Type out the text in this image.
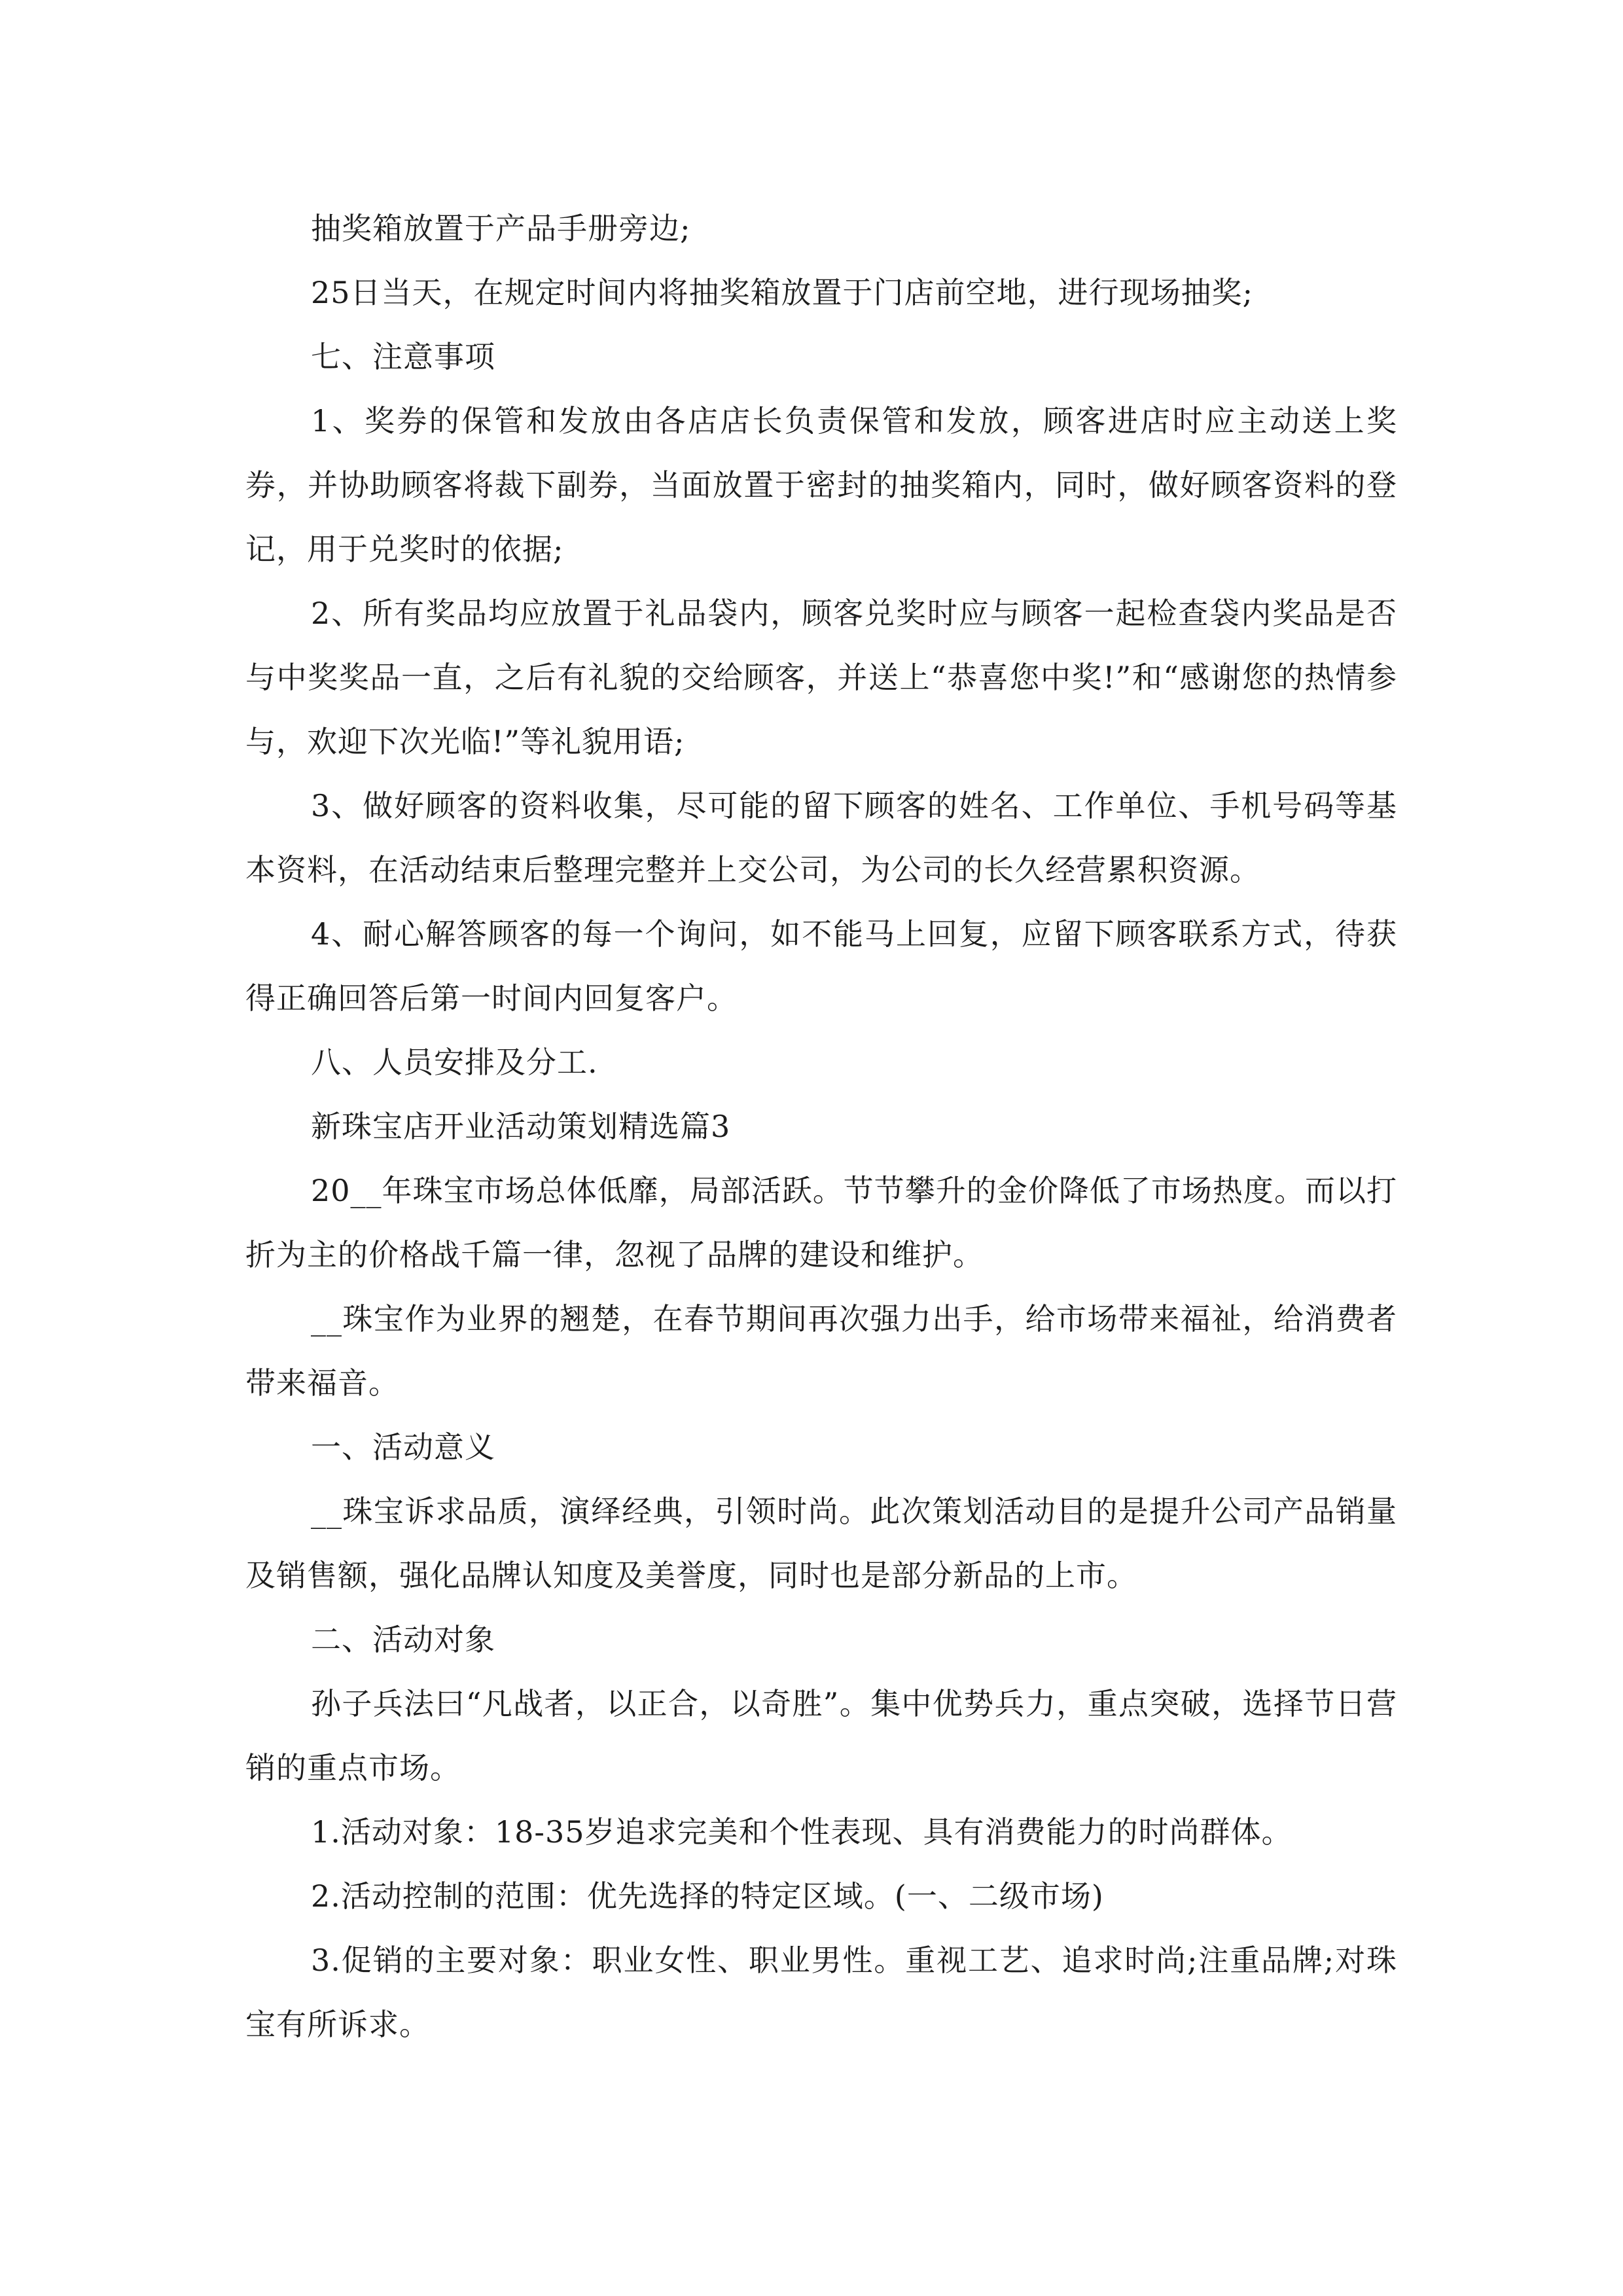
抽奖箱放置于产品手册旁边;

25日当天，在规定时间内将抽奖箱放置于门店前空地，进行现场抽奖;

七、注意事项

1、奖券的保管和发放由各店店长负责保管和发放，顾客进店时应主动送上奖券，并协助顾客将裁下副券，当面放置于密封的抽奖箱内，同时，做好顾客资料的登记，用于兑奖时的依据;

2、所有奖品均应放置于礼品袋内，顾客兑奖时应与顾客一起检查袋内奖品是否与中奖奖品一直，之后有礼貌的交给顾客，并送上“恭喜您中奖!”和“感谢您的热情参与，欢迎下次光临!”等礼貌用语;

3、做好顾客的资料收集，尽可能的留下顾客的姓名、工作单位、手机号码等基本资料，在活动结束后整理完整并上交公司，为公司的长久经营累积资源。

4、耐心解答顾客的每一个询问，如不能马上回复，应留下顾客联系方式，待获得正确回答后第一时间内回复客户。

八、人员安排及分工.

新珠宝店开业活动策划精选篇3

20__年珠宝市场总体低靡，局部活跃。节节攀升的金价降低了市场热度。而以打折为主的价格战千篇一律，忽视了品牌的建设和维护。

__珠宝作为业界的翘楚，在春节期间再次强力出手，给市场带来福祉，给消费者带来福音。

一、活动意义

__珠宝诉求品质，演绎经典，引领时尚。此次策划活动目的是提升公司产品销量及销售额，强化品牌认知度及美誉度，同时也是部分新品的上市。

二、活动对象

孙子兵法曰“凡战者，以正合，以奇胜”。集中优势兵力，重点突破，选择节日营销的重点市场。

1.活动对象：18-35岁追求完美和个性表现、具有消费能力的时尚群体。

2.活动控制的范围：优先选择的特定区域。(一、二级市场)

3.促销的主要对象：职业女性、职业男性。重视工艺、追求时尚;注重品牌;对珠宝有所诉求。
